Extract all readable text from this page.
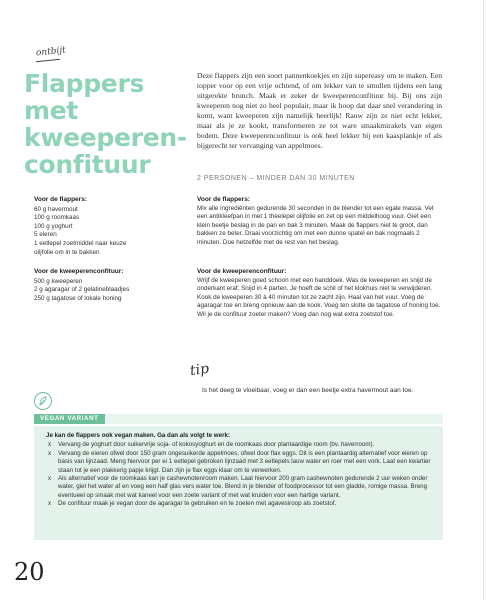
ontbijt
Flappers
met
kweeperen-
confituur

Deze flappers zijn een soort pannenkoekjes en zijn supereasy om te maken. Een topper voor op een vrije ochtend, of om lekker van te smullen tijdens een lang uitgerekte brunch. Maak er zeker de kweeperenconfituur bij. Bij ons zijn kweeperen nog niet zo heel populair, maar ik hoop dat daar snel verandering in komt, want kweeperen zijn namelijk heerlijk! Rauw zijn ze niet echt lekker, maar als je ze kookt, transformeren ze tot ware smaakmirakels van eigen bodem. Deze kweeperenconfituur is ook heel lekker bij een kaasplankje of als bijgerecht ter vervanging van appelmoes.

2 PERSONEN – MINDER DAN 30 MINUTEN
Voor de flappers:
60 g havermout
100 g roomkaas
100 g yoghurt
5 eieren
1 eetlepel zoetmiddel naar keuze
olijfolie om in te bakken
Voor de kweeperenconfituur:
500 g kweeperen
2 g agaragar of 2 gelatineblaadjes
250 g tagatose of lokale honing
Voor de flappers:

Mix alle ingrediënten gedurende 30 seconden in de blender tot een egale massa. Vet een antikleefpan in met 1 theelepel olijfolie en zet op een middelhoog vuur. Giet een klein beetje beslag in de pan en bak 3 minuten. Maak de flappers niet te groot, dan bakken ze beter. Draai voorzichtig om met een dunne spatel en bak nogmaals 2 minuten. Doe hetzelfde met de rest van het beslag.

Voor de kweeperenconfituur:

Wrijf de kweeperen goed schoon met een handdoek. Was de kweeperen en snijd de onderkant eraf. Snijd in 4 parten. Je hoeft de schil of het klokhuis niet te verwijderen. Kook de kweeperen 30 à 40 minuten tot ze zacht zijn. Haal van het vuur. Voeg de agaragar toe en breng opnieuw aan de kook. Voeg ten slotte de tagatose of honing toe. Wil je de confituur zoeter maken? Voeg dan nog wat extra zoetstof toe.

tip
Is het deeg te vloeibaar, voeg er dan een beetje extra havermout aan toe.
VEGAN VARIANT
Je kan de flappers ook vegan maken. Ga dan als volgt te werk:
x Vervang de yoghurt door suikervrije soja- of kokosyoghurt en de roomkaas door plantaardige room (bv. haverroom).
x Vervang de eieren ofwel door 150 gram ongesuikerde appelmoes, ofwel door flax eggs. Dit is een plantaardig alternatief voor eieren op basis van lijnzaad. Meng hiervoor per ei 1 eetlepel gebroken lijnzaad met 3 eetlepels lauw water en roer met een vork. Laat een kwartier staan tot je een plakkerig papje krijgt. Dan zijn je flax eggs klaar om te verwerken.
x Als alternatief voor de roomkaas kan je cashewnotenroom maken. Laat hiervoor 200 gram cashewnoten gedurende 2 uur weken onder water, giet het water af en voeg een half glas vers water toe. Blend in je blender of foodprocessor tot een gladde, romige massa. Breng eventueel op smaak met wat kaneel voor een zoete variant of met wat kruiden voor een hartige variant.
x De confituur maak je vegan door de agaragar te gebruiken en te zoeten met agavesiroop als zoetstof.
20
